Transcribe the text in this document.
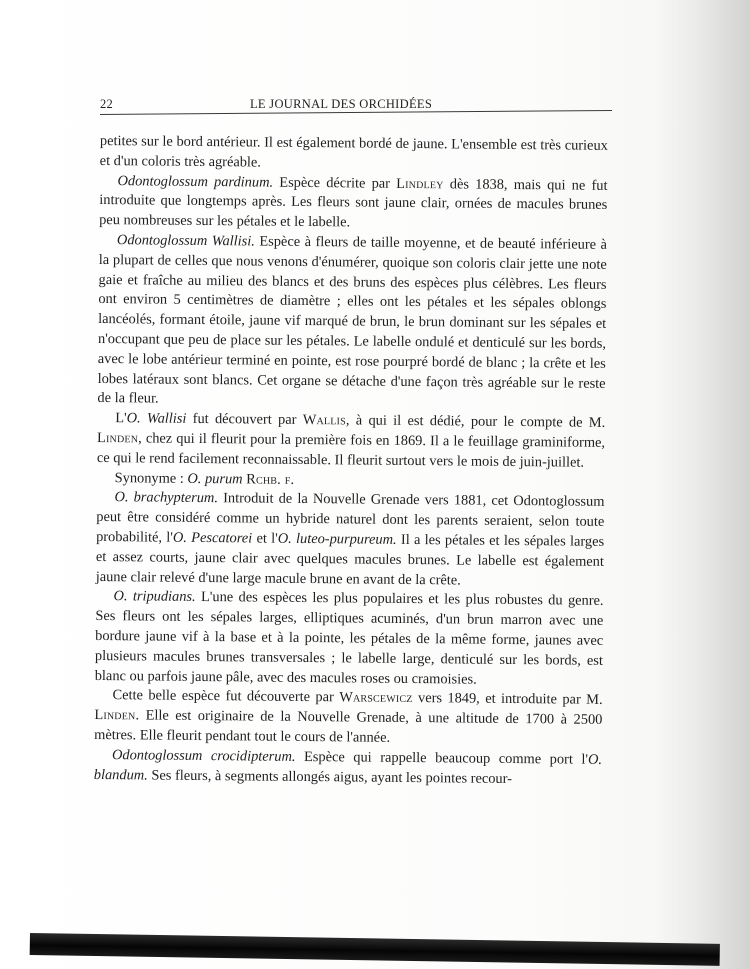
22	LE JOURNAL DES ORCHIDÉES

petites sur le bord antérieur. Il est également bordé de jaune. L'ensemble est très curieux et d'un coloris très agréable.

Odontoglossum pardinum. Espèce décrite par Lindley dès 1838, mais qui ne fut introduite que longtemps après. Les fleurs sont jaune clair, ornées de macules brunes peu nombreuses sur les pétales et le labelle.

Odontoglossum Wallisi. Espèce à fleurs de taille moyenne, et de beauté inférieure à la plupart de celles que nous venons d'énumérer, quoique son coloris clair jette une note gaie et fraîche au milieu des blancs et des bruns des espèces plus célèbres. Les fleurs ont environ 5 centimètres de diamètre ; elles ont les pétales et les sépales oblongs lancéolés, formant étoile, jaune vif marqué de brun, le brun dominant sur les sépales et n'occupant que peu de place sur les pétales. Le labelle ondulé et denticulé sur les bords, avec le lobe antérieur terminé en pointe, est rose pourpré bordé de blanc ; la crête et les lobes latéraux sont blancs. Cet organe se détache d'une façon très agréable sur le reste de la fleur.

L'O. Wallisi fut découvert par Wallis, à qui il est dédié, pour le compte de M. Linden, chez qui il fleurit pour la première fois en 1869. Il a le feuillage graminiforme, ce qui le rend facilement reconnaissable. Il fleurit surtout vers le mois de juin-juillet.

Synonyme : O. purum Rchb. f.

O. brachypterum. Introduit de la Nouvelle Grenade vers 1881, cet Odontoglossum peut être considéré comme un hybride naturel dont les parents seraient, selon toute probabilité, l'O. Pescatorei et l'O. luteo-purpureum. Il a les pétales et les sépales larges et assez courts, jaune clair avec quelques macules brunes. Le labelle est également jaune clair relevé d'une large macule brune en avant de la crête.

O. tripudians. L'une des espèces les plus populaires et les plus robustes du genre. Ses fleurs ont les sépales larges, elliptiques acuminés, d'un brun marron avec une bordure jaune vif à la base et à la pointe, les pétales de la même forme, jaunes avec plusieurs macules brunes transversales ; le labelle large, denticulé sur les bords, est blanc ou parfois jaune pâle, avec des macules roses ou cramoisies.

Cette belle espèce fut découverte par Warscewicz vers 1849, et introduite par M. Linden. Elle est originaire de la Nouvelle Grenade, à une altitude de 1700 à 2500 mètres. Elle fleurit pendant tout le cours de l'année.

Odontoglossum crocidipterum. Espèce qui rappelle beaucoup comme port l'O. blandum. Ses fleurs, à segments allongés aigus, ayant les pointes recour-
